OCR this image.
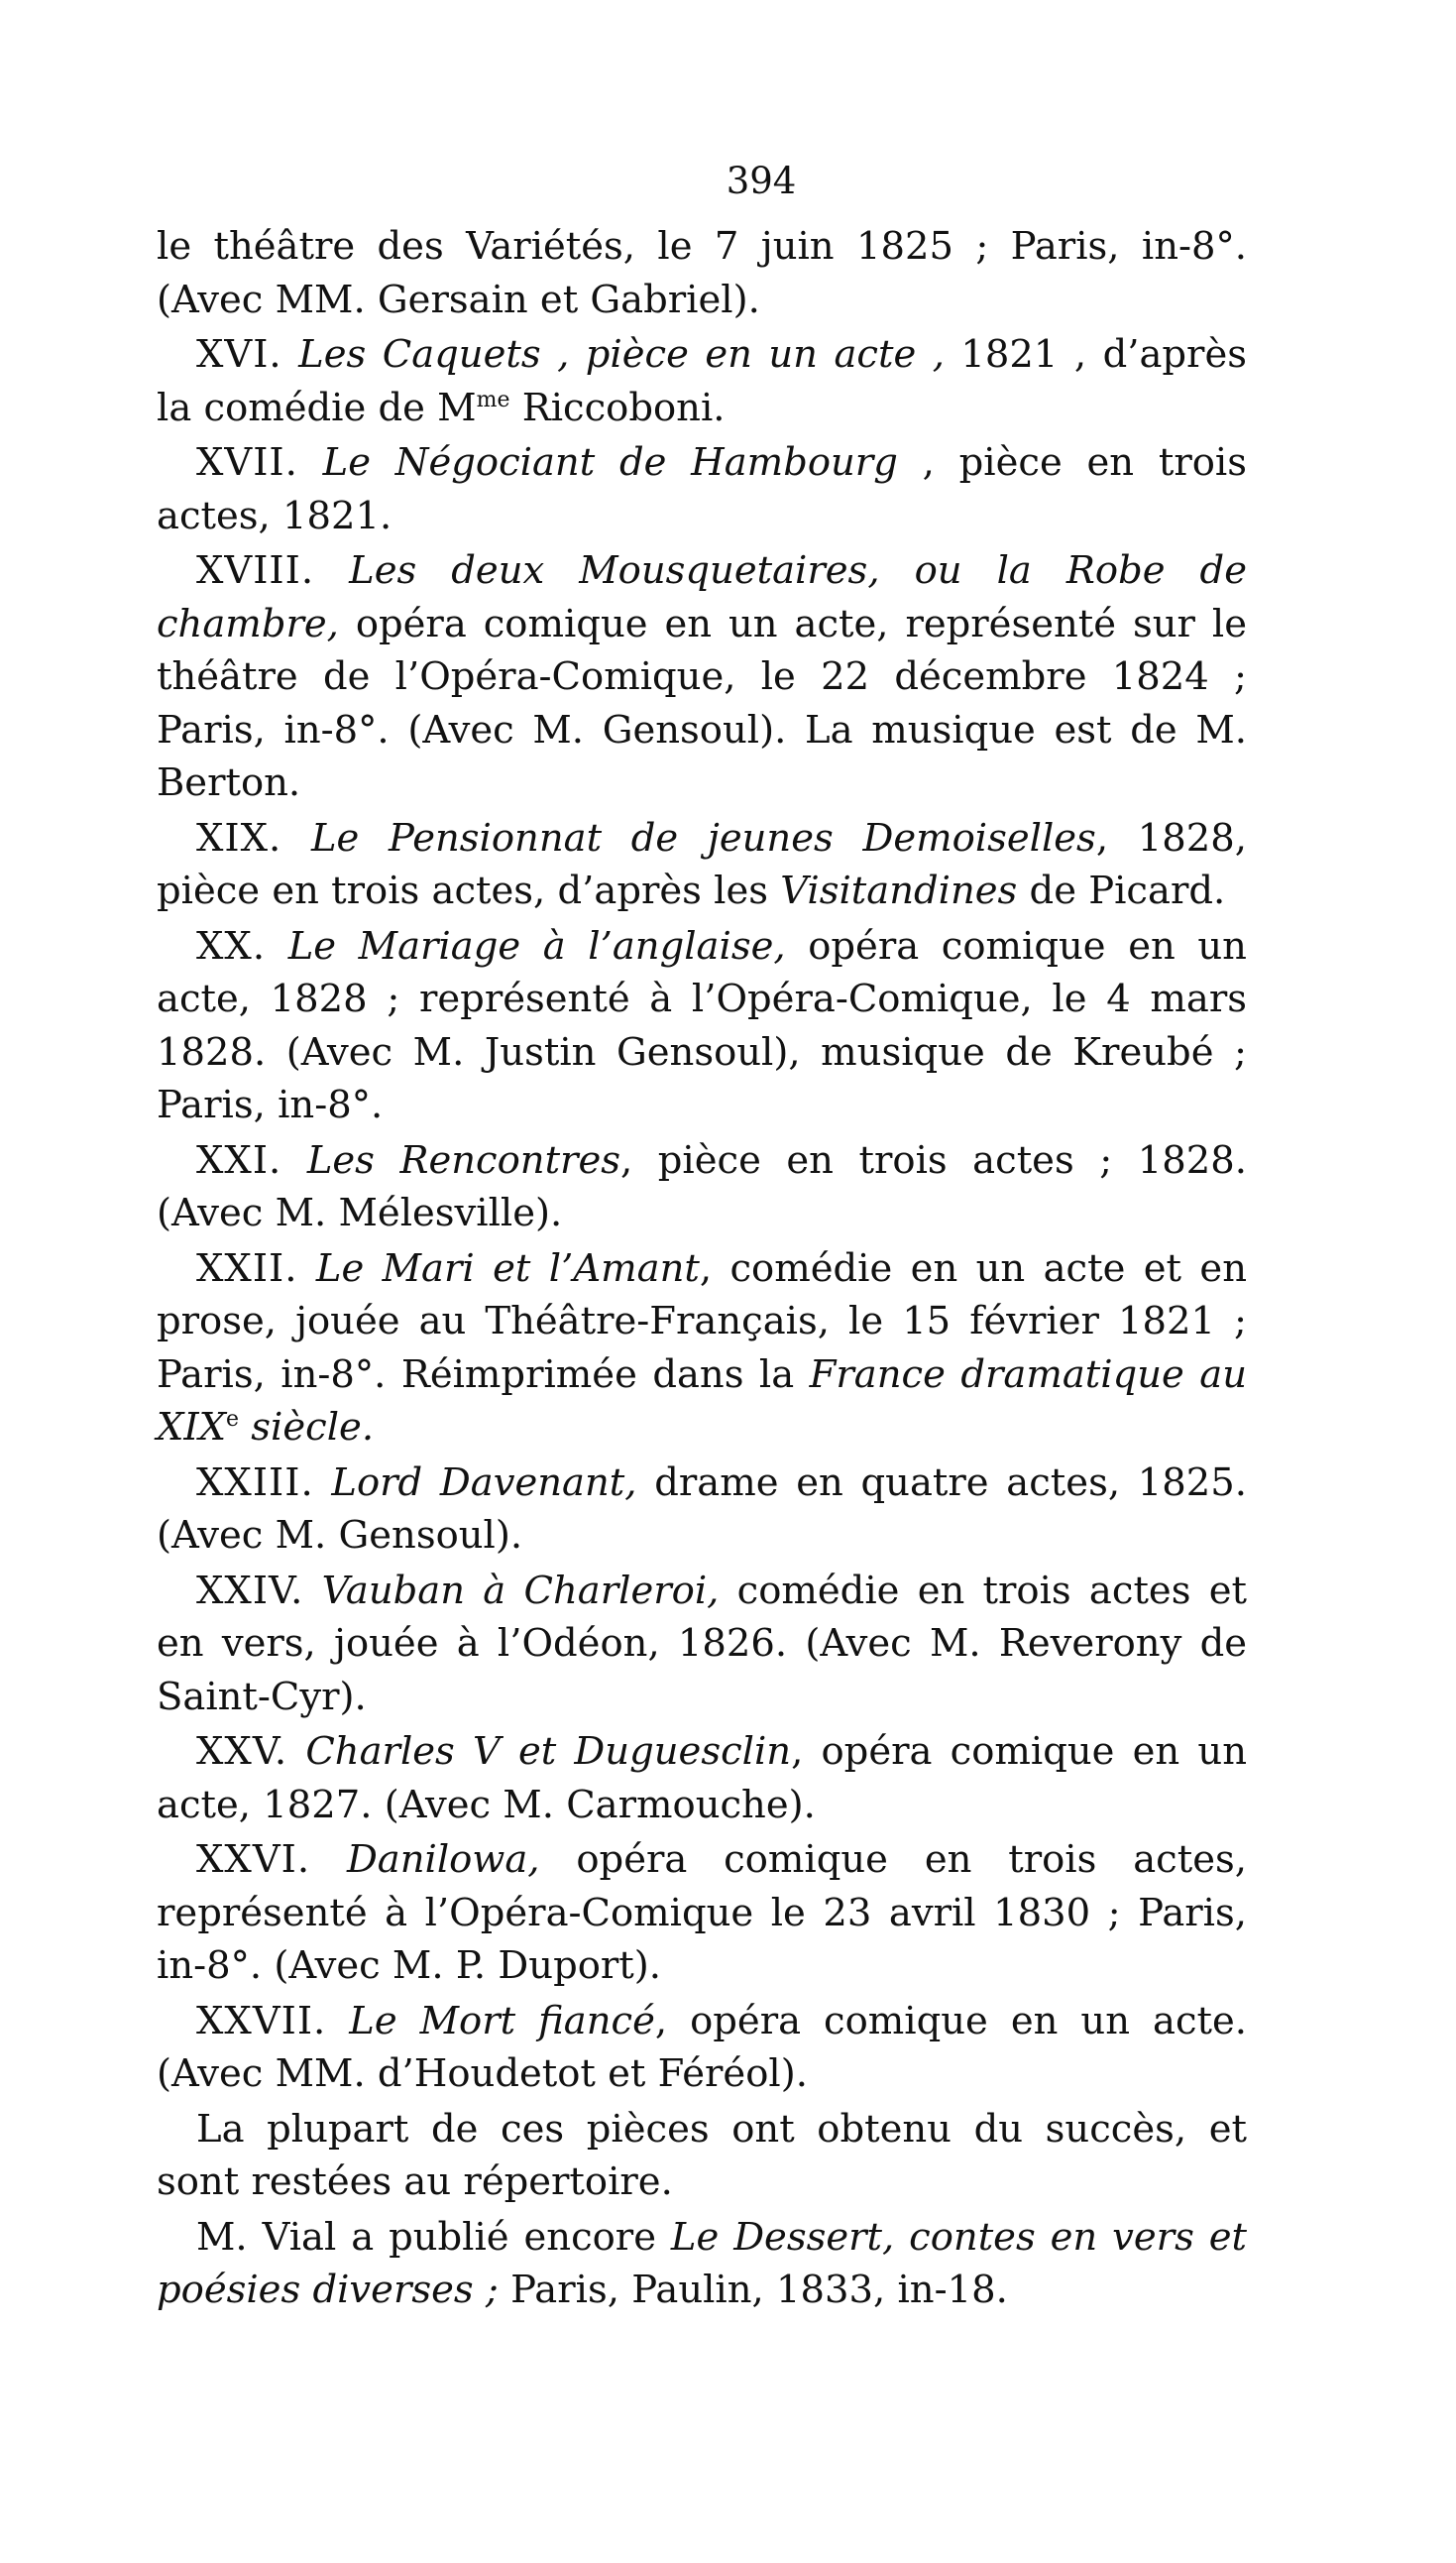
394

le théâtre des Variétés, le 7 juin 1825 ; Paris, in-8°. (Avec MM. Gersain et Gabriel).

XVI. Les Caquets , pièce en un acte , 1821 , d’après la comédie de $M^{me}$ Riccoboni.

XVII. Le Négociant de Hambourg , pièce en trois actes, 1821.

XVIII. Les deux Mousquetaires, ou la Robe de chambre, opéra comique en un acte, représenté sur le théâtre de l’Opéra-Comique, le 22 décembre 1824 ; Paris, in-8°. (Avec M. Gensoul). La musique est de M. Berton.

XIX. Le Pensionnat de jeunes Demoiselles, 1828, pièce en trois actes, d’après les Visitandines de Picard.

XX. Le Mariage à l’anglaise, opéra comique en un acte, 1828 ; représenté à l’Opéra-Comique, le 4 mars 1828. (Avec M. Justin Gensoul), musique de Kreubé ; Paris, in-8°.

XXI. Les Rencontres, pièce en trois actes ; 1828. (Avec M. Mélesville).

XXII. Le Mari et l’Amant, comédie en un acte et en prose, jouée au Théâtre-Français, le 15 février 1821 ; Paris, in-8°. Réimprimée dans la France dramatique au XIXe siècle.

XXIII. Lord Davenant, drame en quatre actes, 1825. (Avec M. Gensoul).

XXIV. Vauban à Charleroi, comédie en trois actes et en vers, jouée à l’Odéon, 1826. (Avec M. Reverony de Saint-Cyr).

XXV. Charles V et Duguesclin, opéra comique en un acte, 1827. (Avec M. Carmouche).

XXVI. Danilowa, opéra comique en trois actes, représenté à l’Opéra-Comique le 23 avril 1830 ; Paris, in-8°. (Avec M. P. Duport).

XXVII. Le Mort fiancé, opéra comique en un acte. (Avec MM. d’Houdetot et Féréol).

La plupart de ces pièces ont obtenu du succès, et sont restées au répertoire.

M. Vial a publié encore Le Dessert, contes en vers et poésies diverses ; Paris, Paulin, 1833, in-18.
